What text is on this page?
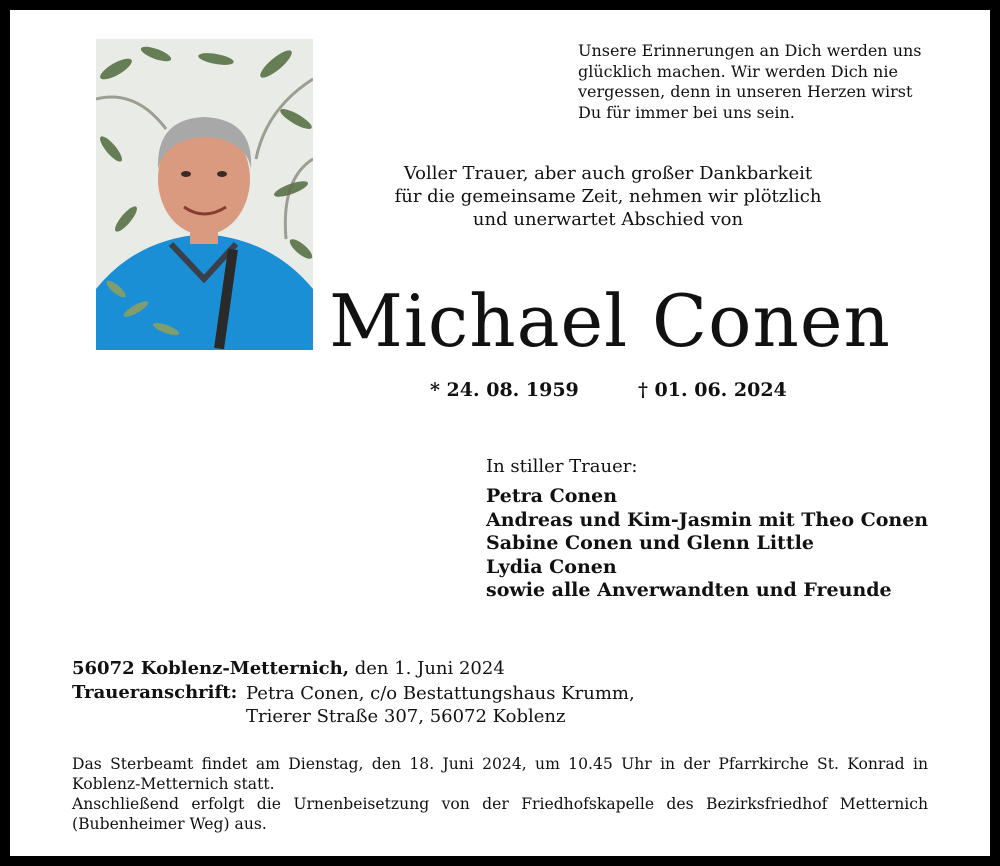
Unsere Erinnerungen an Dich werden uns
glücklich machen. Wir werden Dich nie
vergessen, denn in unseren Herzen wirst
Du für immer bei uns sein.
Voller Trauer, aber auch großer Dankbarkeit
für die gemeinsame Zeit, nehmen wir plötzlich
und unerwartet Abschied von
Michael Conen
* 24. 08. 1959	† 01. 06. 2024
In stiller Trauer:
Petra Conen
Andreas und Kim-Jasmin mit Theo Conen
Sabine Conen und Glenn Little
Lydia Conen
sowie alle Anverwandten und Freunde
56072 Koblenz-Metternich, den 1. Juni 2024
Traueranschrift: Petra Conen, c/o Bestattungshaus Krumm,
Trierer Straße 307, 56072 Koblenz

Das Sterbeamt findet am Dienstag, den 18. Juni 2024, um 10.45 Uhr in der Pfarrkirche St. Konrad in Koblenz-Metternich statt.

Anschließend erfolgt die Urnenbeisetzung von der Friedhofskapelle des Bezirksfriedhof Metternich (Bubenheimer Weg) aus.
